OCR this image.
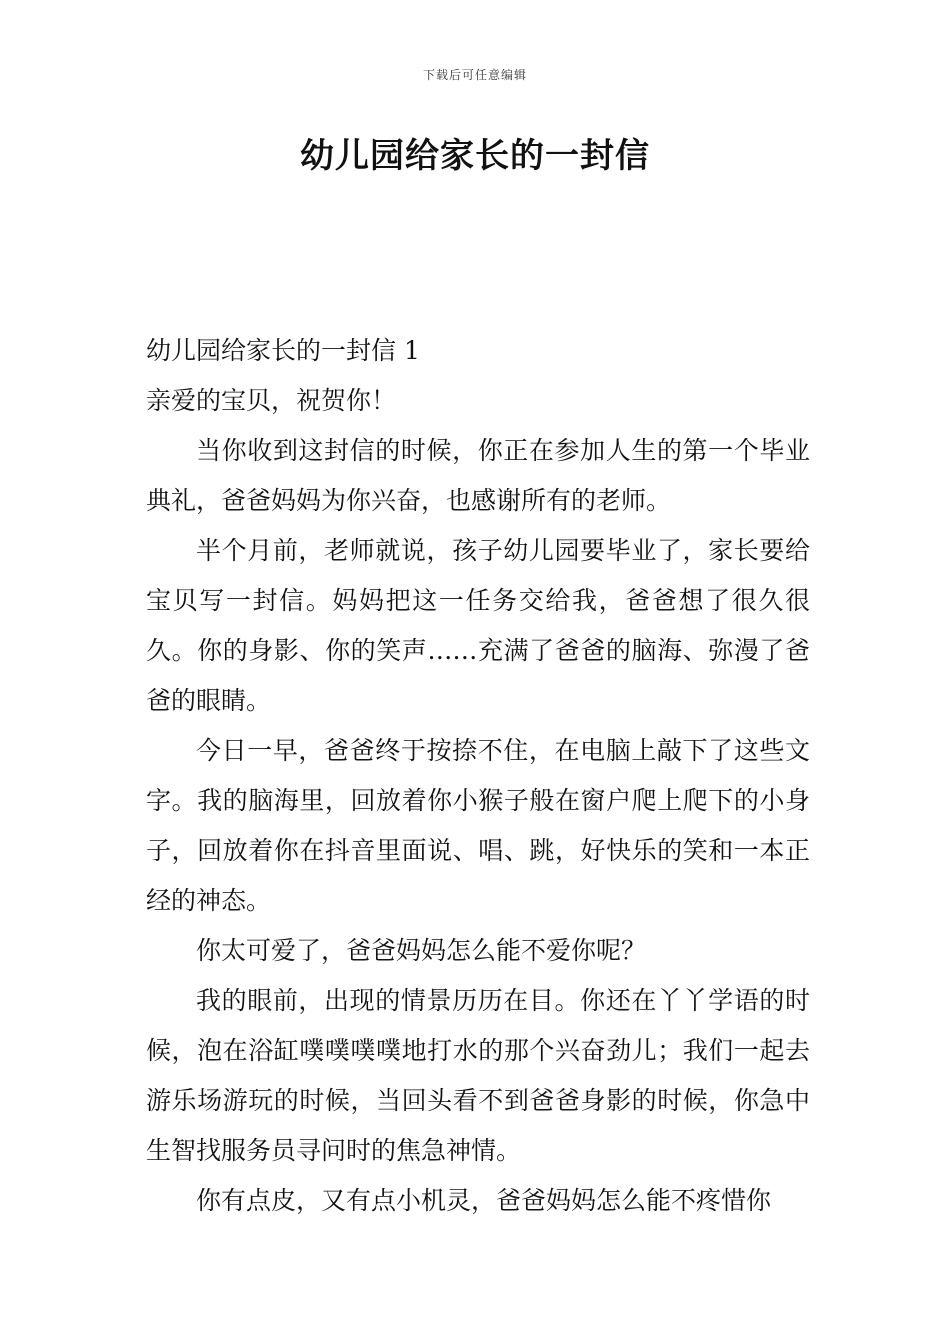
下载后可任意编辑
幼儿园给家长的一封信

幼儿园给家长的一封信 1

亲爱的宝贝，祝贺你！

当你收到这封信的时候，你正在参加人生的第一个毕业典礼，爸爸妈妈为你兴奋，也感谢所有的老师。

半个月前，老师就说，孩子幼儿园要毕业了，家长要给宝贝写一封信。妈妈把这一任务交给我，爸爸想了很久很久。你的身影、你的笑声……充满了爸爸的脑海、弥漫了爸爸的眼睛。

今日一早，爸爸终于按捺不住，在电脑上敲下了这些文字。我的脑海里，回放着你小猴子般在窗户爬上爬下的小身子，回放着你在抖音里面说、唱、跳，好快乐的笑和一本正经的神态。

你太可爱了，爸爸妈妈怎么能不爱你呢？

我的眼前，出现的情景历历在目。你还在丫丫学语的时候，泡在浴缸噗噗噗噗地打水的那个兴奋劲儿；我们一起去游乐场游玩的时候，当回头看不到爸爸身影的时候，你急中生智找服务员寻问时的焦急神情。

你有点皮，又有点小机灵，爸爸妈妈怎么能不疼惜你
